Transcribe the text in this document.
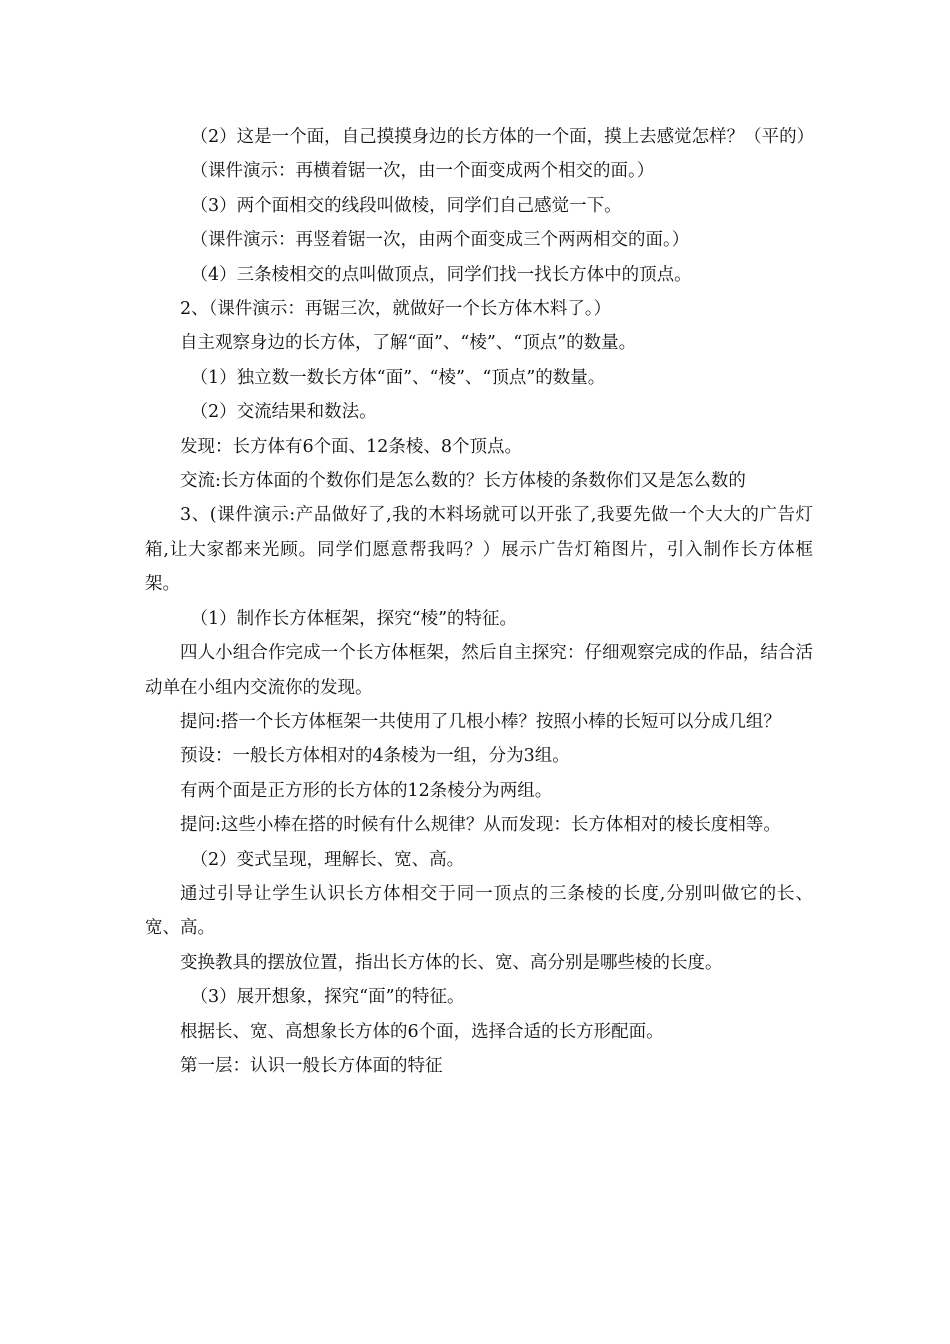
（2）这是一个面，自己摸摸身边的长方体的一个面，摸上去感觉怎样？（平的）

（课件演示：再横着锯一次，由一个面变成两个相交的面。）

（3）两个面相交的线段叫做棱，同学们自己感觉一下。

（课件演示：再竖着锯一次，由两个面变成三个两两相交的面。）

（4）三条棱相交的点叫做顶点，同学们找一找长方体中的顶点。

2、（课件演示：再锯三次，就做好一个长方体木料了。）

自主观察身边的长方体，了解“面”、“棱”、“顶点”的数量。

（1）独立数一数长方体“面”、“棱”、“顶点”的数量。

（2）交流结果和数法。

发现：长方体有6个面、12条棱、8个顶点。

交流:长方体面的个数你们是怎么数的？长方体棱的条数你们又是怎么数的

3、(课件演示:产品做好了,我的木料场就可以开张了,我要先做一个大大的广告灯箱,让大家都来光顾。同学们愿意帮我吗？）展示广告灯箱图片，引入制作长方体框架。

（1）制作长方体框架，探究“棱”的特征。

四人小组合作完成一个长方体框架，然后自主探究：仔细观察完成的作品，结合活动单在小组内交流你的发现。

提问:搭一个长方体框架一共使用了几根小棒？按照小棒的长短可以分成几组？

预设：一般长方体相对的4条棱为一组，分为3组。

有两个面是正方形的长方体的12条棱分为两组。

提问:这些小棒在搭的时候有什么规律？从而发现：长方体相对的棱长度相等。

（2）变式呈现，理解长、宽、高。

通过引导让学生认识长方体相交于同一顶点的三条棱的长度,分别叫做它的长、宽、高。

变换教具的摆放位置，指出长方体的长、宽、高分别是哪些棱的长度。

（3）展开想象，探究“面”的特征。

根据长、宽、高想象长方体的6个面，选择合适的长方形配面。

第一层：认识一般长方体面的特征
